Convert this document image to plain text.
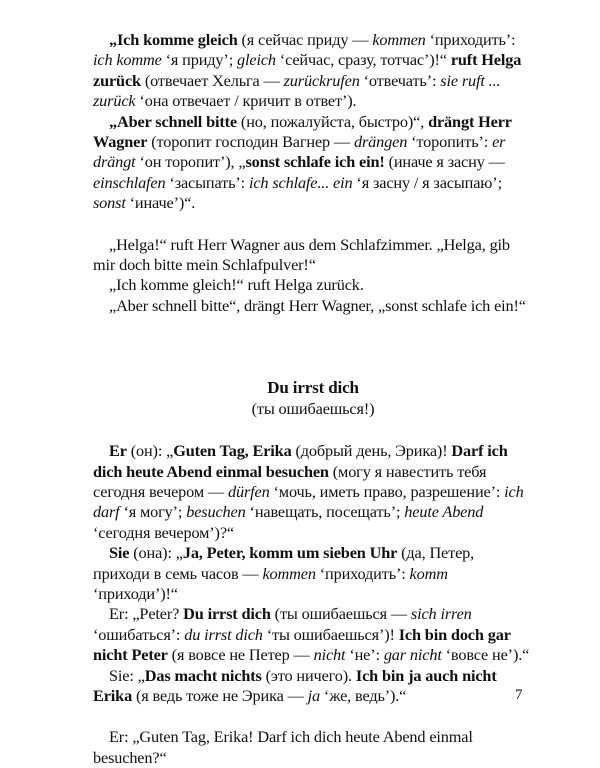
„Ich komme gleich (я сейчас приду — kommen ‘приходить’: ich komme ‘я приду’; gleich ‘сейчас, сразу, тотчас’)!“ ruft Helga zurück (отвечает Хельга — zurückrufen ‘отвечать’: sie ruft ... zurück ‘она отвечает / кричит в ответ’).

„Aber schnell bitte (но, пожалуйста, быстро)“, drängt Herr Wagner (торопит господин Вагнер — drängen ‘торопить’: er drängt ‘он торопит’), „sonst schlafe ich ein! (иначе я засну — einschlafen ‘засыпать’: ich schlafe... ein ‘я засну / я засыпаю’; sonst ‘иначе’)“.

„Helga!“ ruft Herr Wagner aus dem Schlafzimmer. „Helga, gib mir doch bitte mein Schlafpulver!“

„Ich komme gleich!“ ruft Helga zurück.

„Aber schnell bitte“, drängt Herr Wagner, „sonst schlafe ich ein!“

Du irrst dich

(ты ошибаешься!)

Er (он): „Guten Tag, Erika (добрый день, Эрика)! Darf ich dich heute Abend einmal besuchen (могу я навестить тебя сегодня вечером — dürfen ‘мочь, иметь право, разрешение’: ich darf ‘я могу’; besuchen ‘навещать, посещать’; heute Abend ‘сегодня вечером’)?“

Sie (она): „Ja, Peter, komm um sieben Uhr (да, Петер, приходи в семь часов — kommen ‘приходить’: komm ‘приходи’)!“

Er: „Peter? Du irrst dich (ты ошибаешься — sich irren ‘ошибаться’: du irrst dich ‘ты ошибаешься’)! Ich bin doch gar nicht Peter (я вовсе не Петер — nicht ‘не’: gar nicht ‘вовсе не’).“

Sie: „Das macht nichts (это ничего). Ich bin ja auch nicht Erika (я ведь тоже не Эрика — ja ‘же, ведь’).“

Er: „Guten Tag, Erika! Darf ich dich heute Abend einmal besuchen?“

7
